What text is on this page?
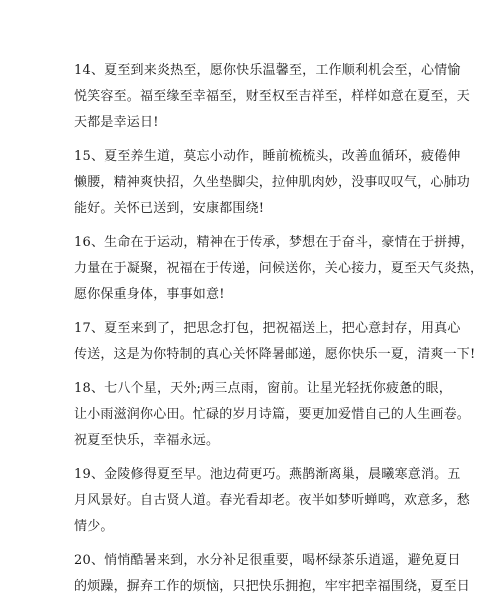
14、夏至到来炎热至，愿你快乐温馨至，工作顺利机会至，心情愉
悦笑容至。福至缘至幸福至，财至权至吉祥至，样样如意在夏至，天
天都是幸运日!

15、夏至养生道，莫忘小动作，睡前梳梳头，改善血循环，疲倦伸
懒腰，精神爽快招，久坐垫脚尖，拉伸肌肉妙，没事叹叹气，心肺功
能好。关怀已送到，安康都围绕!

16、生命在于运动，精神在于传承，梦想在于奋斗，豪情在于拼搏，
力量在于凝聚，祝福在于传递，问候送你，关心接力，夏至天气炎热，
愿你保重身体，事事如意!

17、夏至来到了，把思念打包，把祝福送上，把心意封存，用真心
传送，这是为你特制的真心关怀降暑邮递，愿你快乐一夏，清爽一下!

18、七八个星，天外;两三点雨，窗前。让星光轻抚你疲惫的眼，
让小雨滋润你心田。忙碌的岁月诗篇，要更加爱惜自己的人生画卷。
祝夏至快乐，幸福永远。

19、金陵修得夏至早。池边荷更巧。燕鹊渐离巢，晨曦寒意消。五
月风景好。自古贤人道。春光看却老。夜半如梦听蝉鸣，欢意多，愁
情少。

20、悄悄酷暑来到，水分补足很重要，喝杯绿茶乐逍遥，避免夏日
的烦躁，摒弃工作的烦恼，只把快乐拥抱，牢牢把幸福围绕，夏至日
